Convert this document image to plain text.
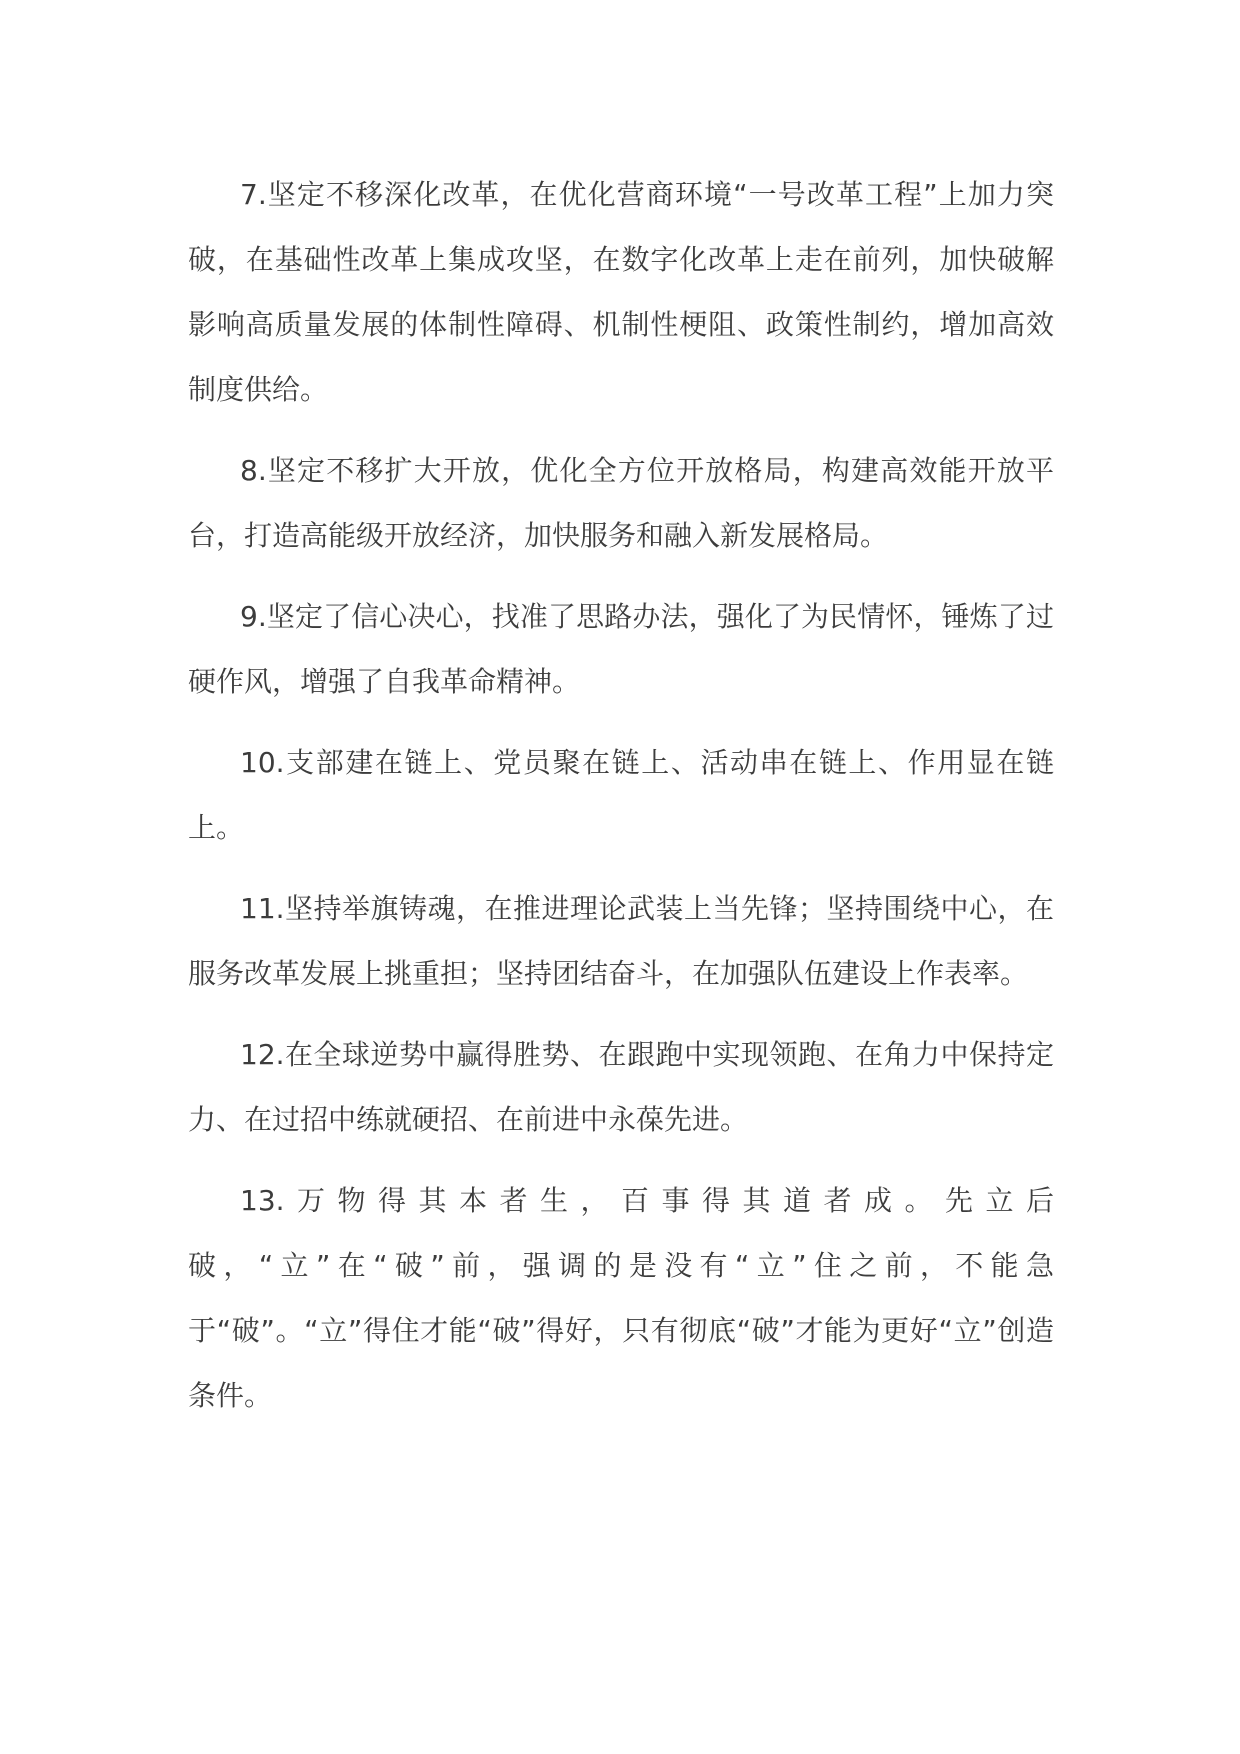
7.坚定不移深化改革，在优化营商环境“一号改革工程”上加力突破，在基础性改革上集成攻坚，在数字化改革上走在前列，加快破解影响高质量发展的体制性障碍、机制性梗阻、政策性制约，增加高效制度供给。

8.坚定不移扩大开放，优化全方位开放格局，构建高效能开放平台，打造高能级开放经济，加快服务和融入新发展格局。

9.坚定了信心决心，找准了思路办法，强化了为民情怀，锤炼了过硬作风，增强了自我革命精神。

10.支部建在链上、党员聚在链上、活动串在链上、作用显在链上。

11.坚持举旗铸魂，在推进理论武装上当先锋；坚持围绕中心，在服务改革发展上挑重担；坚持团结奋斗，在加强队伍建设上作表率。

12.在全球逆势中赢得胜势、在跟跑中实现领跑、在角力中保持定力、在过招中练就硬招、在前进中永葆先进。

13.万物得其本者生，百事得其道者成。先立后破，“立”在“破”前，强调的是没有“立”住之前，不能急于“破”。“立”得住才能“破”得好，只有彻底“破”才能为更好“立”创造条件。
